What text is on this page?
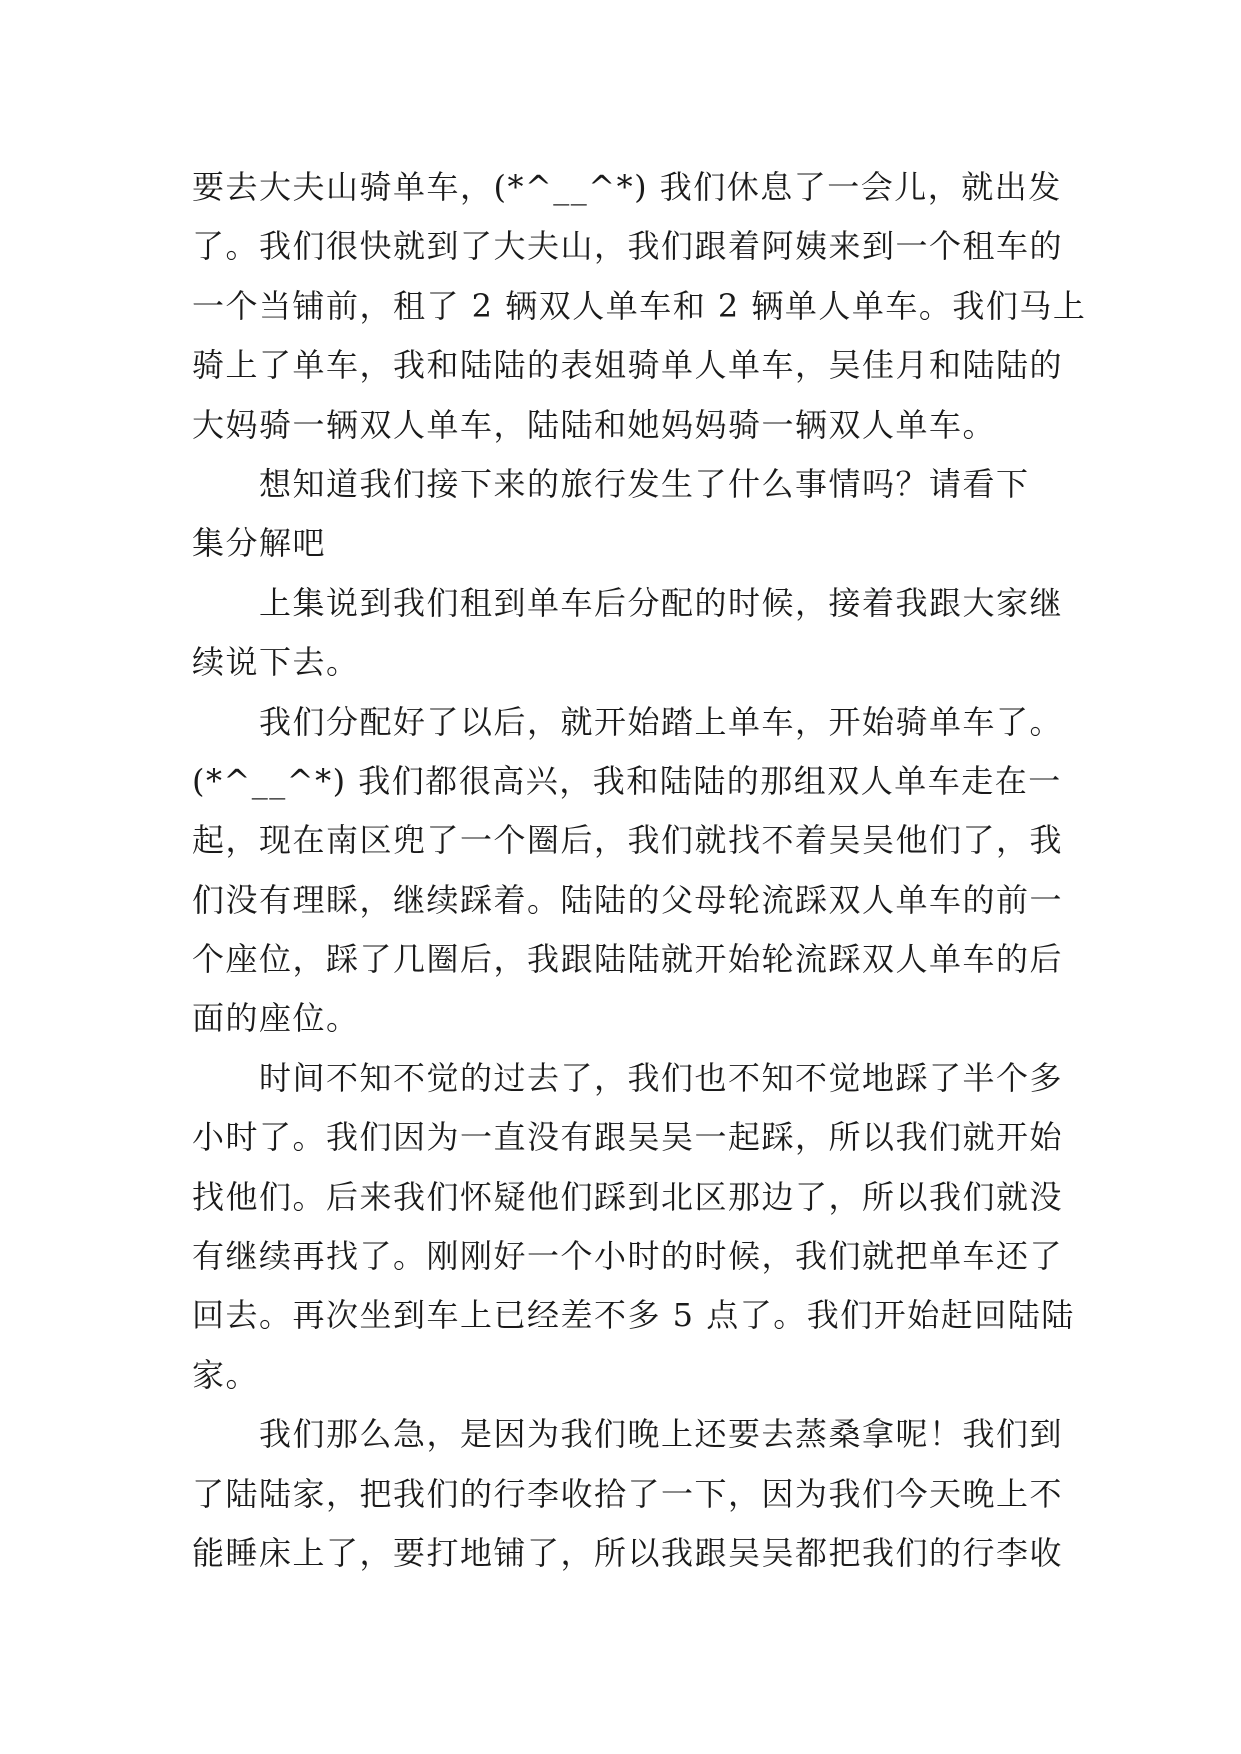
要去大夫山骑单车，(*^__^*) 我们休息了一会儿，就出发
了。我们很快就到了大夫山，我们跟着阿姨来到一个租车的
一个当铺前，租了 2 辆双人单车和 2 辆单人单车。我们马上
骑上了单车，我和陆陆的表姐骑单人单车，吴佳月和陆陆的
大妈骑一辆双人单车，陆陆和她妈妈骑一辆双人单车。
　　想知道我们接下来的旅行发生了什么事情吗？请看下
集分解吧
　　上集说到我们租到单车后分配的时候，接着我跟大家继
续说下去。
　　我们分配好了以后，就开始踏上单车，开始骑单车了。
(*^__^*) 我们都很高兴，我和陆陆的那组双人单车走在一
起，现在南区兜了一个圈后，我们就找不着吴吴他们了，我
们没有理睬，继续踩着。陆陆的父母轮流踩双人单车的前一
个座位，踩了几圈后，我跟陆陆就开始轮流踩双人单车的后
面的座位。
　　时间不知不觉的过去了，我们也不知不觉地踩了半个多
小时了。我们因为一直没有跟吴吴一起踩，所以我们就开始
找他们。后来我们怀疑他们踩到北区那边了，所以我们就没
有继续再找了。刚刚好一个小时的时候，我们就把单车还了
回去。再次坐到车上已经差不多 5 点了。我们开始赶回陆陆
家。
　　我们那么急，是因为我们晚上还要去蒸桑拿呢！我们到
了陆陆家，把我们的行李收拾了一下，因为我们今天晚上不
能睡床上了，要打地铺了，所以我跟吴吴都把我们的行李收
